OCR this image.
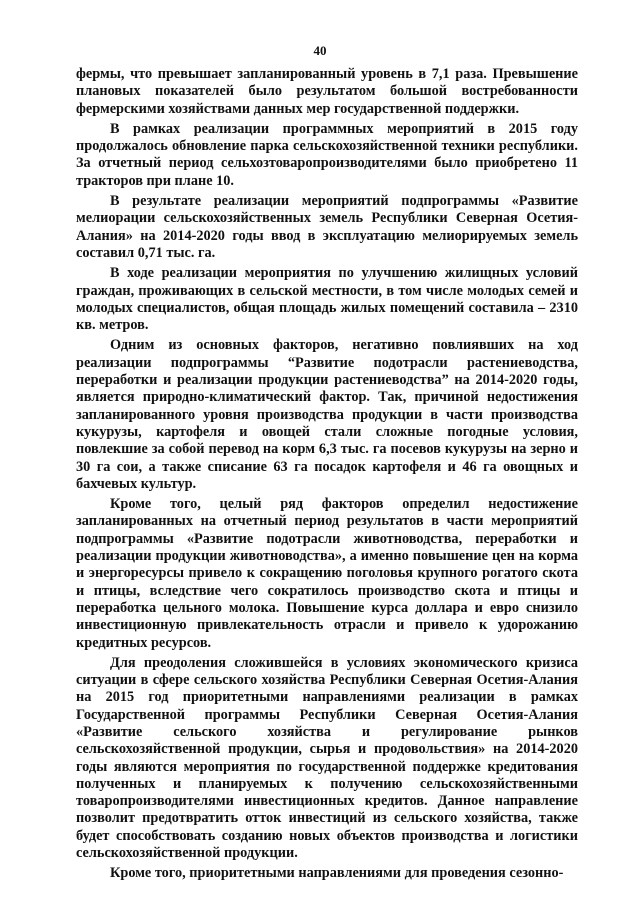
40

фермы, что превышает запланированный уровень в 7,1 раза. Превышение плановых показателей было результатом большой востребованности фермерскими хозяйствами данных мер государственной поддержки.

В рамках реализации программных мероприятий в 2015 году продолжалось обновление парка сельскохозяйственной техники республики. За отчетный период сельхозтоваропроизводителями было приобретено 11 тракторов при плане 10.

В результате реализации мероприятий подпрограммы «Развитие мелиорации сельскохозяйственных земель Республики Северная Осетия-Алания» на 2014-2020 годы ввод в эксплуатацию мелиорируемых земель составил 0,71 тыс. га.

В ходе реализации мероприятия по улучшению жилищных условий граждан, проживающих в сельской местности, в том числе молодых семей и молодых специалистов, общая площадь жилых помещений составила – 2310 кв. метров.

Одним из основных факторов, негативно повлиявших на ход реализации подпрограммы “Развитие подотрасли растениеводства, переработки и реализации продукции растениеводства” на 2014-2020 годы, является природно-климатический фактор. Так, причиной недостижения запланированного уровня производства продукции в части производства кукурузы, картофеля и овощей стали сложные погодные условия, повлекшие за собой перевод на корм 6,3 тыс. га посевов кукурузы на зерно и 30 га сои, а также списание 63 га посадок картофеля и 46 га овощных и бахчевых культур.

Кроме того, целый ряд факторов определил недостижение запланированных на отчетный период результатов в части мероприятий подпрограммы «Развитие подотрасли животноводства, переработки и реализации продукции животноводства», а именно повышение цен на корма и энергоресурсы привело к сокращению поголовья крупного рогатого скота и птицы, вследствие чего сократилось производство скота и птицы и переработка цельного молока. Повышение курса доллара и евро снизило инвестиционную привлекательность отрасли и привело к удорожанию кредитных ресурсов.

Для преодоления сложившейся в условиях экономического кризиса ситуации в сфере сельского хозяйства Республики Северная Осетия-Алания на 2015 год приоритетными направлениями реализации в рамках Государственной программы Республики Северная Осетия-Алания «Развитие сельского хозяйства и регулирование рынков сельскохозяйственной продукции, сырья и продовольствия» на 2014-2020 годы являются мероприятия по государственной поддержке кредитования полученных и планируемых к получению сельскохозяйственными товаропроизводителями инвестиционных кредитов. Данное направление позволит предотвратить отток инвестиций из сельского хозяйства, также будет способствовать созданию новых объектов производства и логистики сельскохозяйственной продукции.

Кроме того, приоритетными направлениями для проведения сезонно-
